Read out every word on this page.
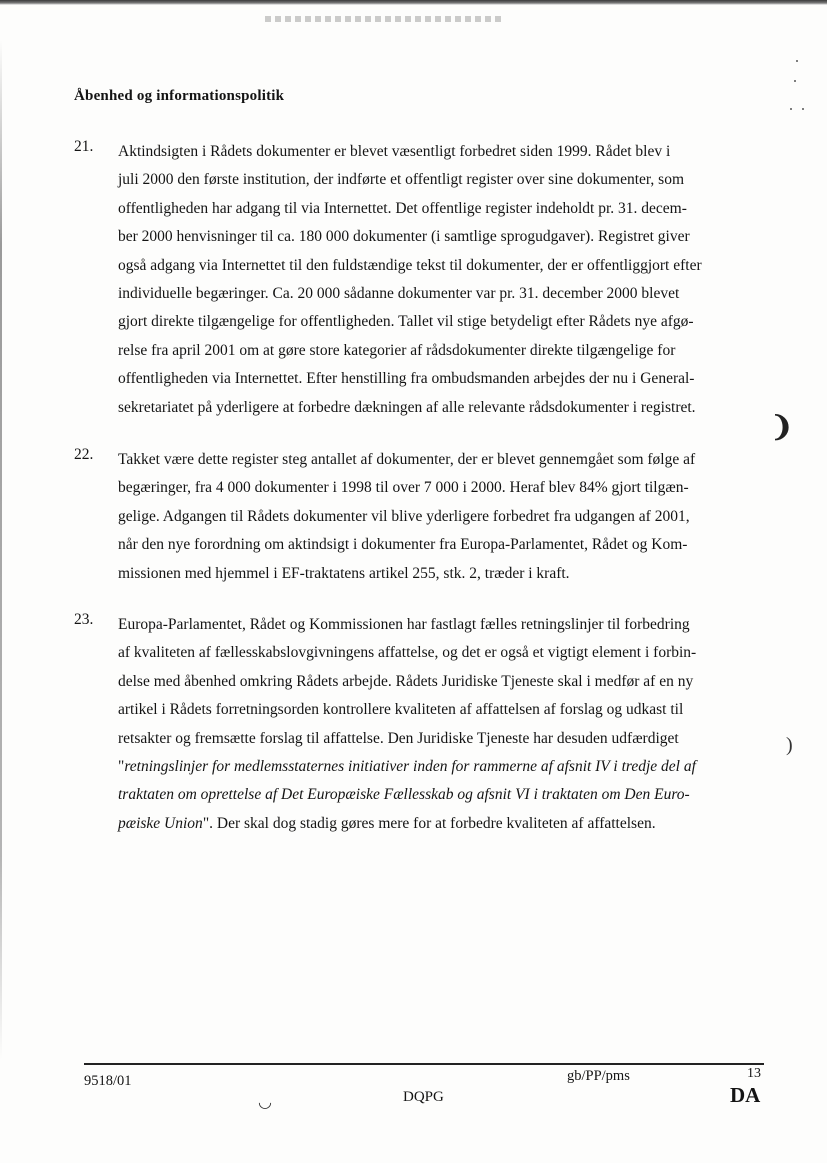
Åbenhed og informationspolitik
21. Aktindsigten i Rådets dokumenter er blevet væsentligt forbedret siden 1999. Rådet blev i
juli 2000 den første institution, der indførte et offentligt register over sine dokumenter, som
offentligheden har adgang til via Internettet. Det offentlige register indeholdt pr. 31. decem-
ber 2000 henvisninger til ca. 180 000 dokumenter (i samtlige sprogudgaver). Registret giver
også adgang via Internettet til den fuldstændige tekst til dokumenter, der er offentliggjort efter
individuelle begæringer. Ca. 20 000 sådanne dokumenter var pr. 31. december 2000 blevet
gjort direkte tilgængelige for offentligheden. Tallet vil stige betydeligt efter Rådets nye afgø-
relse fra april 2001 om at gøre store kategorier af rådsdokumenter direkte tilgængelige for
offentligheden via Internettet. Efter henstilling fra ombudsmanden arbejdes der nu i General-
sekretariatet på yderligere at forbedre dækningen af alle relevante rådsdokumenter i registret.
22. Takket være dette register steg antallet af dokumenter, der er blevet gennemgået som følge af
begæringer, fra 4 000 dokumenter i 1998 til over 7 000 i 2000. Heraf blev 84% gjort tilgæn-
gelige. Adgangen til Rådets dokumenter vil blive yderligere forbedret fra udgangen af 2001,
når den nye forordning om aktindsigt i dokumenter fra Europa-Parlamentet, Rådet og Kom-
missionen med hjemmel i EF-traktatens artikel 255, stk. 2, træder i kraft.
23. Europa-Parlamentet, Rådet og Kommissionen har fastlagt fælles retningslinjer til forbedring
af kvaliteten af fællesskabslovgivningens affattelse, og det er også et vigtigt element i forbin-
delse med åbenhed omkring Rådets arbejde. Rådets Juridiske Tjeneste skal i medfør af en ny
artikel i Rådets forretningsorden kontrollere kvaliteten af affattelsen af forslag og udkast til
retsakter og fremsætte forslag til affattelse. Den Juridiske Tjeneste har desuden udfærdiget
"retningslinjer for medlemsstaternes initiativer inden for rammerne af afsnit IV i tredje del af
traktaten om oprettelse af Det Europæiske Fællesskab og afsnit VI i traktaten om Den Euro-
pæiske Union". Der skal dog stadig gøres mere for at forbedre kvaliteten af affattelsen.
❩
)
◡
9518/01	gb/PP/pms	13
DQPG	DA
